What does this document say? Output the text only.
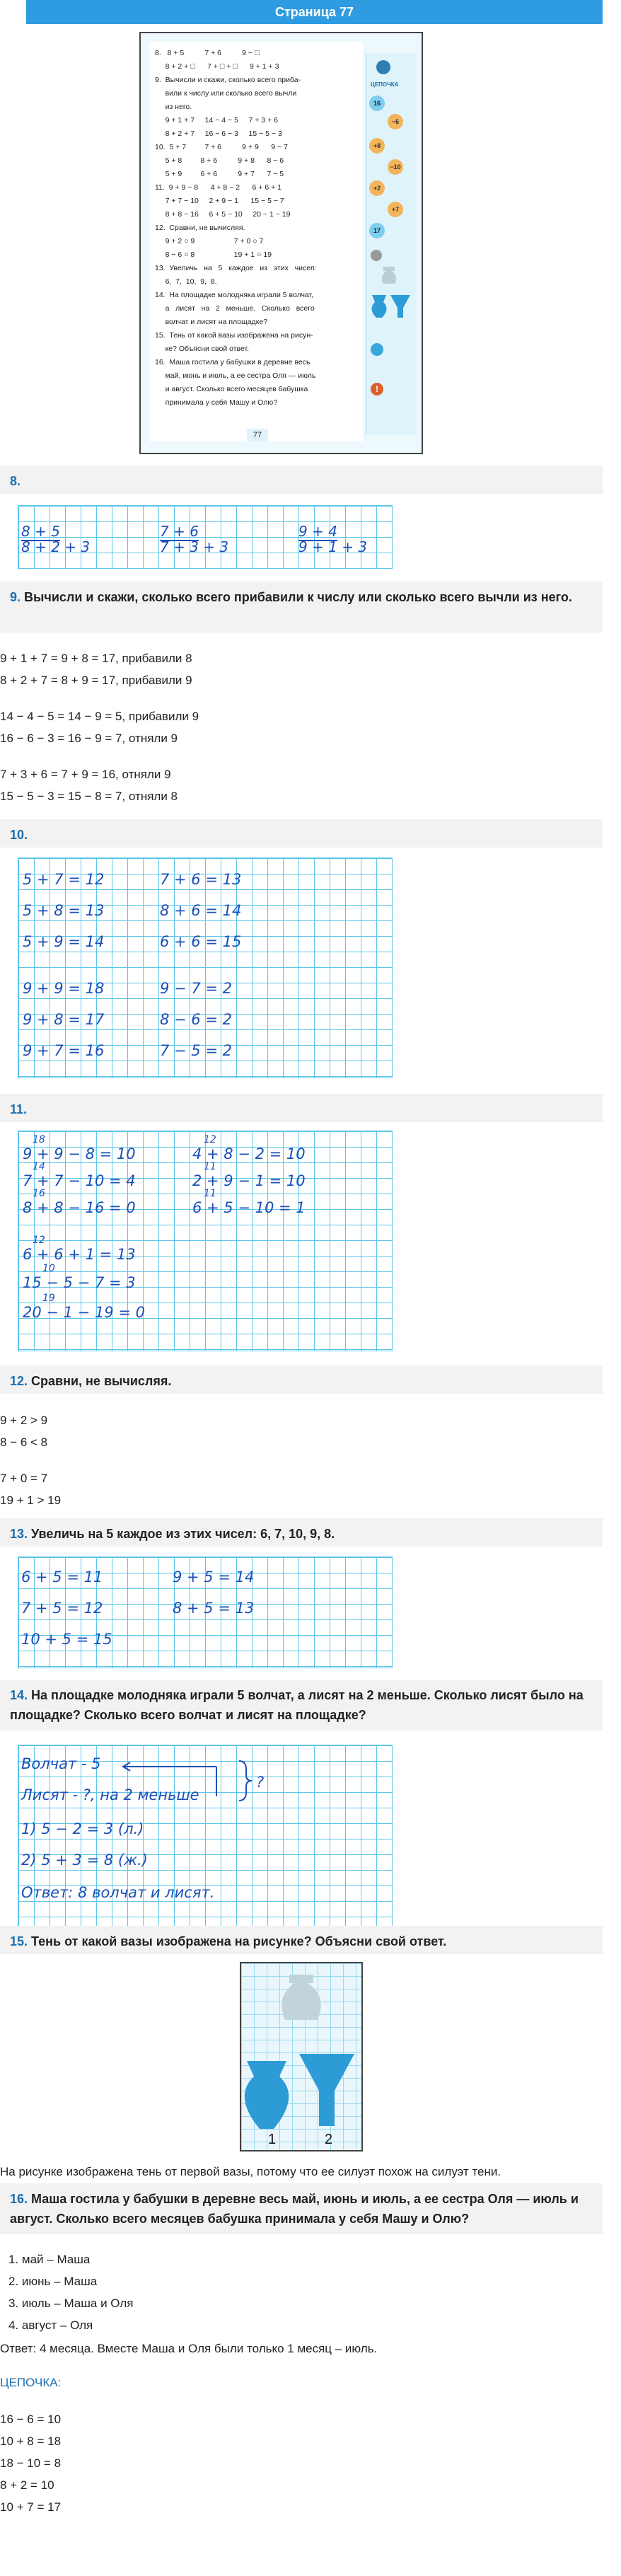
Страница 77

8.   8 + 5          7 + 6          9 − □

8 + 2 + □      7 + □ + □      9 + 1 + 3

9.  Вычисли и скажи, сколько всего приба-

вили к числу или сколько всего вычли

из него.

9 + 1 + 7     14 − 4 − 5     7 + 3 + 6

8 + 2 + 7     16 − 6 − 3     15 − 5 − 3

10.  5 + 7         7 + 6          9 + 9      9 − 7

5 + 8         8 + 6          9 + 8      8 − 6

5 + 9         6 + 6          9 + 7      7 − 5

11.  9 + 9 − 8      4 + 8 − 2      6 + 6 + 1

7 + 7 − 10     2 + 9 − 1      15 − 5 − 7

8 + 8 − 16     6 + 5 − 10     20 − 1 − 19

12.  Сравни, не вычисляя.

9 + 2 ○ 9                   7 + 0 ○ 7

8 − 6 ○ 8                   19 + 1 ○ 19

13.  Увеличь   на   5   каждое   из   этих   чисел:

6,  7,  10,  9,  8.

14.  На площадке молодняка играли 5 волчат,

а   лисят   на   2   меньше.   Сколько   всего

волчат и лисят на площадке?

15.  Тень от какой вазы изображена на рисун-

ке? Объясни свой ответ.

16.  Маша гостила у бабушки в деревне весь

май, июнь и июль, а ее сестра Оля — июль

и август. Сколько всего месяцев бабушка

принимала у себя Машу и Олю?

ЦЕПОЧКА
16
−6
+8
−10
+2
+7
17
!
77
8.
8 + 5
8 + 2 + 3
7 + 6
7 + 3 + 3
9 + 4
9 + 1 + 3
9. Вычисли и скажи, сколько всего прибавили к числу или сколько всего вычли из него.
9 + 1 + 7 = 9 + 8 = 17, прибавили 8
8 + 2 + 7 = 8 + 9 = 17, прибавили 9
14 − 4 − 5 = 14 − 9 = 5, прибавили 9
16 − 6 − 3 = 16 − 9 = 7, отняли 9
7 + 3 + 6 = 7 + 9 = 16, отняли 9
15 − 5 − 3 = 15 − 8 = 7, отняли 8
10.
5 + 7 = 12
5 + 8 = 13
5 + 9 = 14
9 + 9 = 18
9 + 8 = 17
9 + 7 = 16
7 + 6 = 13
8 + 6 = 14
6 + 6 = 15
9 − 7 = 2
8 − 6 = 2
7 − 5 = 2
11.
18
9 + 9 − 8 = 10
14
7 + 7 − 10 = 4
16
8 + 8 − 16 = 0
12
6 + 6 + 1 = 13
10
15 − 5 − 7 = 3
19
20 − 1 − 19 = 0
12
4 + 8 − 2 = 10
11
2 + 9 − 1 = 10
11
6 + 5 − 10 = 1
12. Сравни, не вычисляя.
9 + 2 > 9
8 − 6 < 8
7 + 0 = 7
19 + 1 > 19
13. Увеличь на 5 каждое из этих чисел: 6, 7, 10, 9, 8.
6 + 5 = 11
7 + 5 = 12
10 + 5 = 15
9 + 5 = 14
8 + 5 = 13
14. На площадке молодняка играли 5 волчат, а лисят на 2 меньше. Сколько лисят было на площадке? Сколько всего волчат и лисят на площадке?
Волчат - 5
Лисят - ?, на 2 меньше
?
1) 5 − 2 = 3 (л.)
2) 5 + 3 = 8 (ж.)
Ответ: 8 волчат и лисят.
15. Тень от какой вазы изображена на рисунке? Объясни свой ответ.
1	2
На рисунке изображена тень от первой вазы, потому что ее силуэт похож на силуэт тени.
16. Маша гостила у бабушки в деревне весь май, июнь и июль, а ее сестра Оля — июль и август. Сколько всего месяцев бабушка принимала у себя Машу и Олю?
1. май – Маша
2. июнь – Маша
3. июль – Маша и Оля
4. август – Оля
Ответ: 4 месяца. Вместе Маша и Оля были только 1 месяц – июль.
ЦЕПОЧКА:
16 − 6 = 10
10 + 8 = 18
18 − 10 = 8
8 + 2 = 10
10 + 7 = 17
